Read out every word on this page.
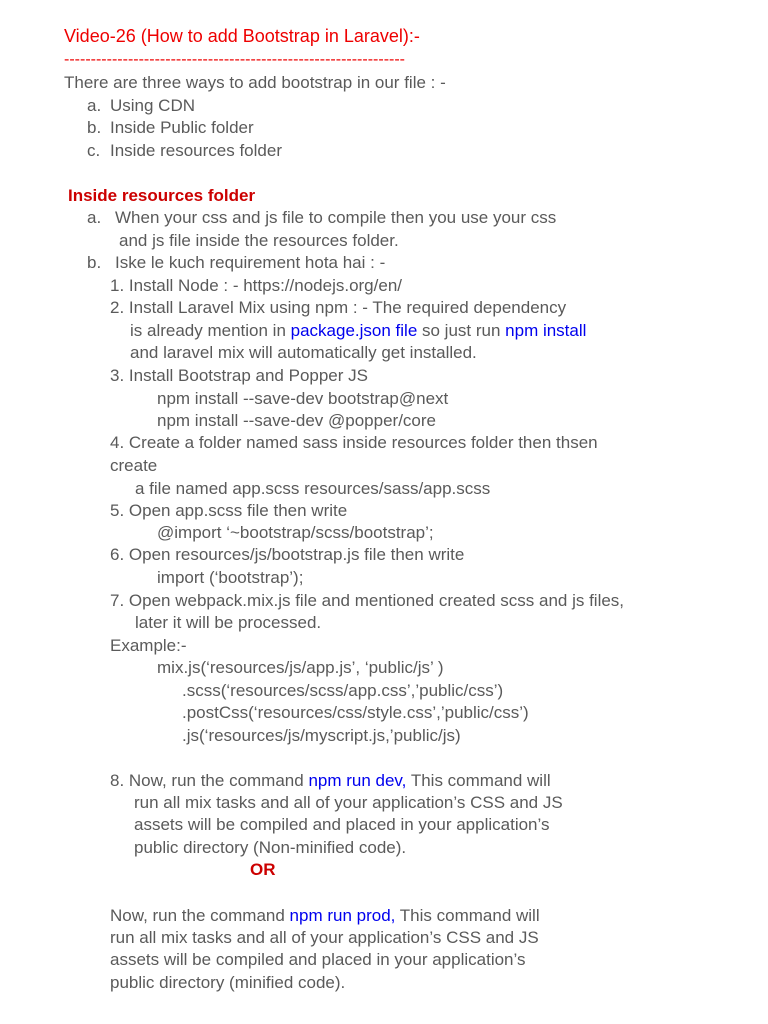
Video-26 (How to add Bootstrap in Laravel):-
----------------------------------------------------------------
There are three ways to add bootstrap in our file : -
a. Using CDN
b. Inside Public folder
c. Inside resources folder
Inside resources folder
a. When your css and js file to compile then you use your css
and js file inside the resources folder.
b. Iske le kuch requirement hota hai : -
1. Install Node : - https://nodejs.org/en/
2. Install Laravel Mix using npm : - The required dependency
is already mention in package.json file so just run npm install
and laravel mix will automatically get installed.
3. Install Bootstrap and Popper JS
npm install --save-dev bootstrap@next
npm install --save-dev @popper/core
4. Create a folder named sass inside resources folder then thsen
create
a file named app.scss resources/sass/app.scss
5. Open app.scss file then write
@import ‘~bootstrap/scss/bootstrap’;
6. Open resources/js/bootstrap.js file then write
import (‘bootstrap’);
7. Open webpack.mix.js file and mentioned created scss and js files,
later it will be processed.
Example:-
mix.js(‘resources/js/app.js’, ‘public/js’ )
.scss(‘resources/scss/app.css’,’public/css’)
.postCss(‘resources/css/style.css’,’public/css’)
.js(‘resources/js/myscript.js,’public/js)
8. Now, run the command npm run dev, This command will
run all mix tasks and all of your application’s CSS and JS
assets will be compiled and placed in your application’s
public directory (Non-minified code).
OR
Now, run the command npm run prod, This command will
run all mix tasks and all of your application’s CSS and JS
assets will be compiled and placed in your application’s
public directory (minified code).
